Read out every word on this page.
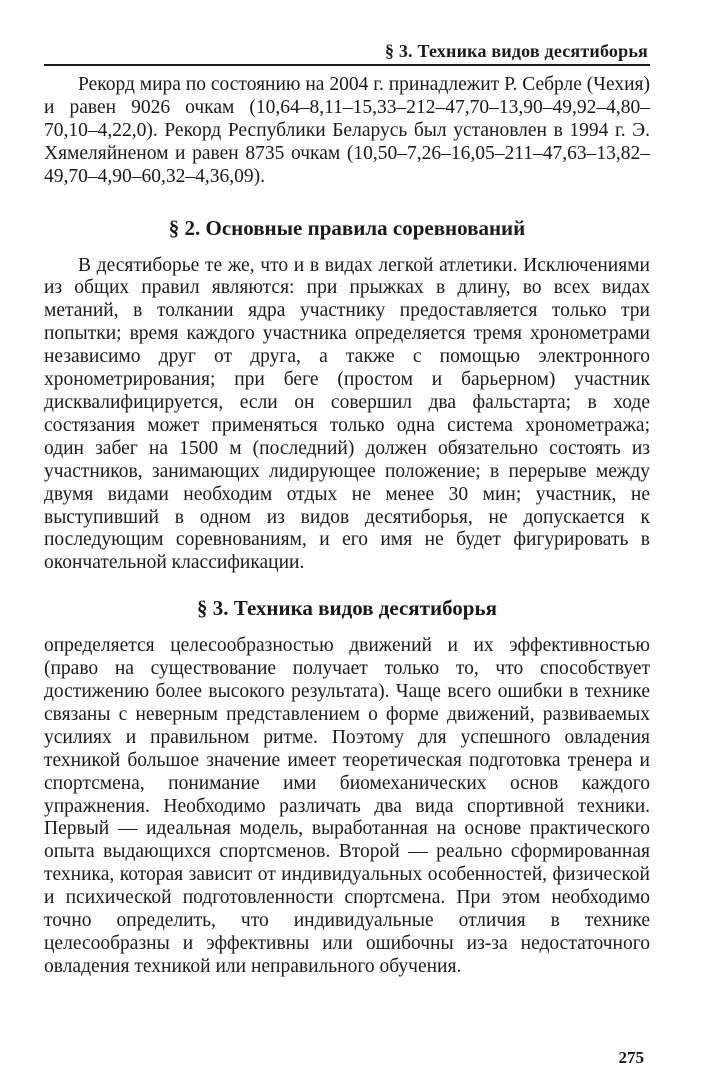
§ 3. Техника видов десятиборья

Рекорд мира по состоянию на 2004 г. принадлежит Р. Себрле (Чехия) и равен 9026 очкам (10,64–8,11–15,33–212–47,70–13,90–49,92–4,80–70,10–4,22,0). Рекорд Республики Беларусь был установлен в 1994 г. Э. Хямеляйненом и равен 8735 очкам (10,50–7,26–16,05–211–47,63–13,82–49,70–4,90–60,32–4,36,09).

§ 2. Основные правила соревнований

В десятиборье те же, что и в видах легкой атлетики. Исключениями из общих правил являются: при прыжках в длину, во всех видах метаний, в толкании ядра участнику предоставляется только три попытки; время каждого участника определяется тремя хронометрами независимо друг от друга, а также с помощью электронного хронометрирования; при беге (простом и барьерном) участник дисквалифицируется, если он совершил два фальстарта; в ходе состязания может применяться только одна система хронометража; один забег на 1500 м (последний) должен обязательно состоять из участников, занимающих лидирующее положение; в перерыве между двумя видами необходим отдых не менее 30 мин; участник, не выступивший в одном из видов десятиборья, не допускается к последующим соревнованиям, и его имя не будет фигурировать в окончательной классификации.

§ 3. Техника видов десятиборья

определяется целесообразностью движений и их эффективностью (право на существование получает только то, что способствует достижению более высокого результата). Чаще всего ошибки в технике связаны с неверным представлением о форме движений, развиваемых усилиях и правильном ритме. Поэтому для успешного овладения техникой большое значение имеет теоретическая подготовка тренера и спортсмена, понимание ими биомеханических основ каждого упражнения. Необходимо различать два вида спортивной техники. Первый — идеальная модель, выработанная на основе практического опыта выдающихся спортсменов. Второй — реально сформированная техника, которая зависит от индивидуальных особенностей, физической и психической подготовленности спортсмена. При этом необходимо точно определить, что индивидуальные отличия в технике целесообразны и эффективны или ошибочны из-за недостаточного овладения техникой или неправильного обучения.

275
